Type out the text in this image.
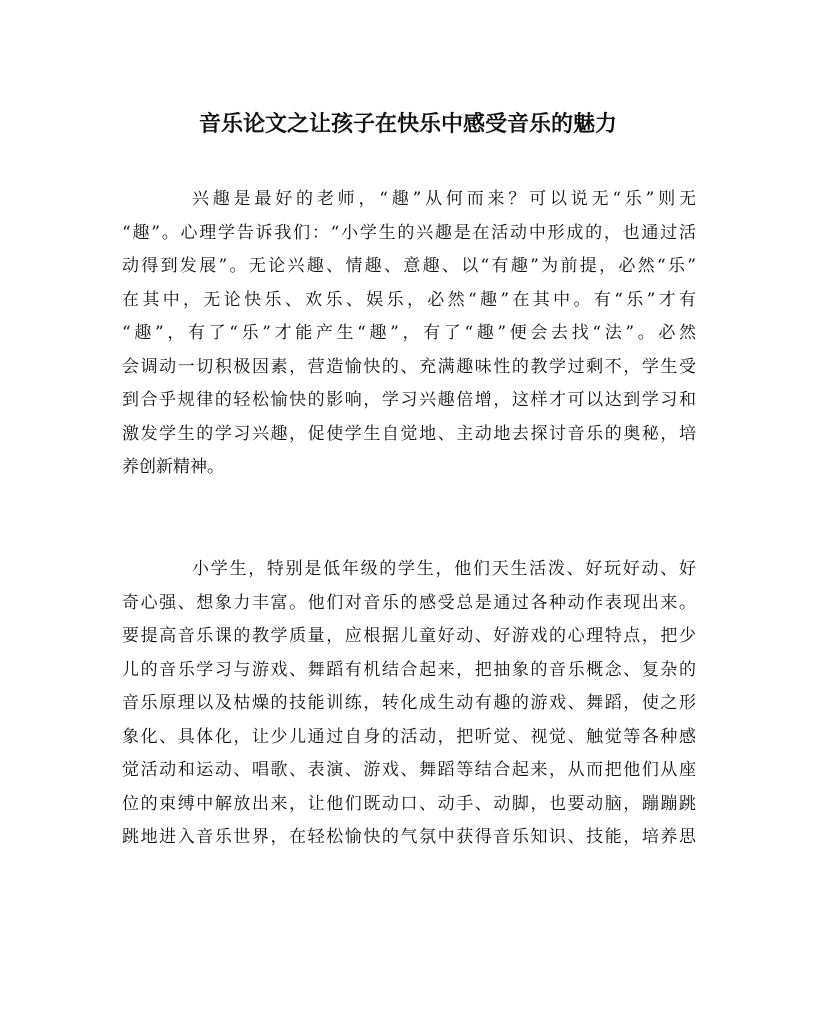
音乐论文之让孩子在快乐中感受音乐的魅力
兴趣是最好的老师，“趣”从何而来？可以说无“乐”则无
“趣”。心理学告诉我们：“小学生的兴趣是在活动中形成的，也通过活
动得到发展”。无论兴趣、情趣、意趣、以“有趣”为前提，必然“乐”
在其中，无论快乐、欢乐、娱乐，必然“趣”在其中。有“乐”才有
“趣”，有了“乐”才能产生“趣”，有了“趣”便会去找“法”。必然
会调动一切积极因素，营造愉快的、充满趣味性的教学过剩不，学生受
到合乎规律的轻松愉快的影响，学习兴趣倍增，这样才可以达到学习和
激发学生的学习兴趣，促使学生自觉地、主动地去探讨音乐的奥秘，培
养创新精神。
小学生，特别是低年级的学生，他们天生活泼、好玩好动、好
奇心强、想象力丰富。他们对音乐的感受总是通过各种动作表现出来。
要提高音乐课的教学质量，应根据儿童好动、好游戏的心理特点，把少
儿的音乐学习与游戏、舞蹈有机结合起来，把抽象的音乐概念、复杂的
音乐原理以及枯燥的技能训练，转化成生动有趣的游戏、舞蹈，使之形
象化、具体化，让少儿通过自身的活动，把听觉、视觉、触觉等各种感
觉活动和运动、唱歌、表演、游戏、舞蹈等结合起来，从而把他们从座
位的束缚中解放出来，让他们既动口、动手、动脚，也要动脑，蹦蹦跳
跳地进入音乐世界，在轻松愉快的气氛中获得音乐知识、技能，培养思
